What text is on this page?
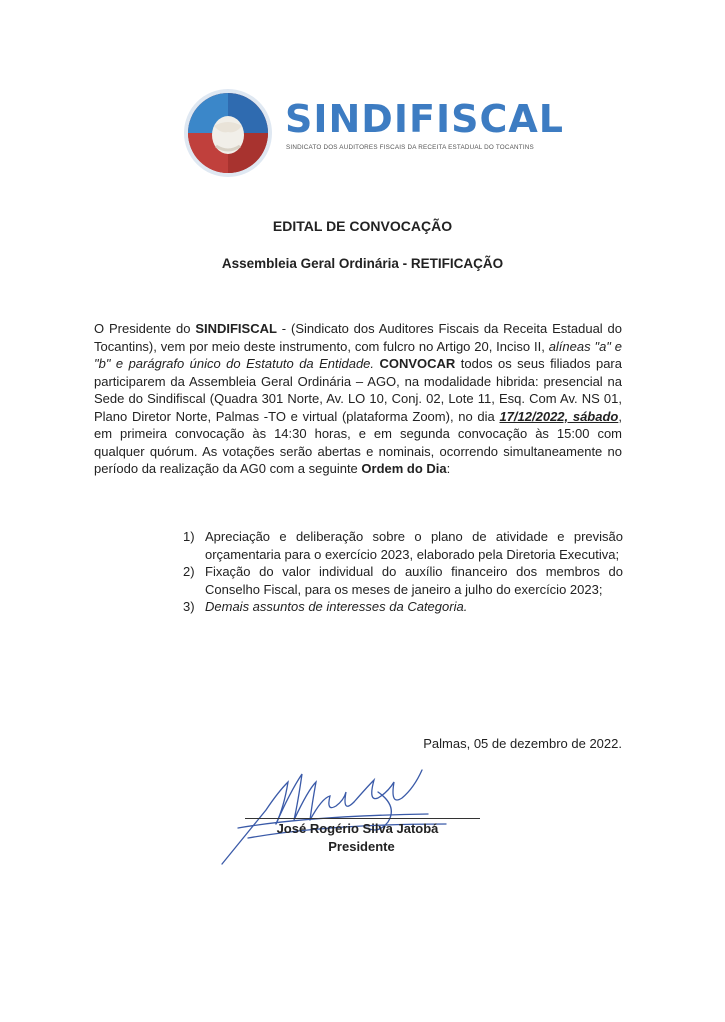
SINDIFISCAL
SINDICATO DOS AUDITORES FISCAIS DA RECEITA ESTADUAL DO TOCANTINS
EDITAL DE CONVOCAÇÃO
Assembleia Geral Ordinária - RETIFICAÇÃO
O Presidente do SINDIFISCAL - (Sindicato dos Auditores Fiscais da Receita Estadual do Tocantins), vem por meio deste instrumento, com fulcro no Artigo 20, Inciso II, alíneas "a" e "b" e parágrafo único do Estatuto da Entidade. CONVOCAR todos os seus filiados para participarem da Assembleia Geral Ordinária – AGO, na modalidade hibrida: presencial na Sede do Sindifiscal (Quadra 301 Norte, Av. LO 10, Conj. 02, Lote 11, Esq. Com Av. NS 01, Plano Diretor Norte, Palmas -TO e virtual (plataforma Zoom), no dia 17/12/2022, sábado, em primeira convocação às 14:30 horas, e em segunda convocação às 15:00 com qualquer quórum. As votações serão abertas e nominais, ocorrendo simultaneamente no período da realização da AG0 com a seguinte Ordem do Dia:
1) Apreciação e deliberação sobre o plano de atividade e previsão orçamentaria para o exercício 2023, elaborado pela Diretoria Executiva;
2) Fixação do valor individual do auxílio financeiro dos membros do Conselho Fiscal, para os meses de janeiro a julho do exercício 2023;
3) Demais assuntos de interesses da Categoria.
Palmas, 05 de dezembro de 2022.
José Rogério Silva Jatobá
Presidente
